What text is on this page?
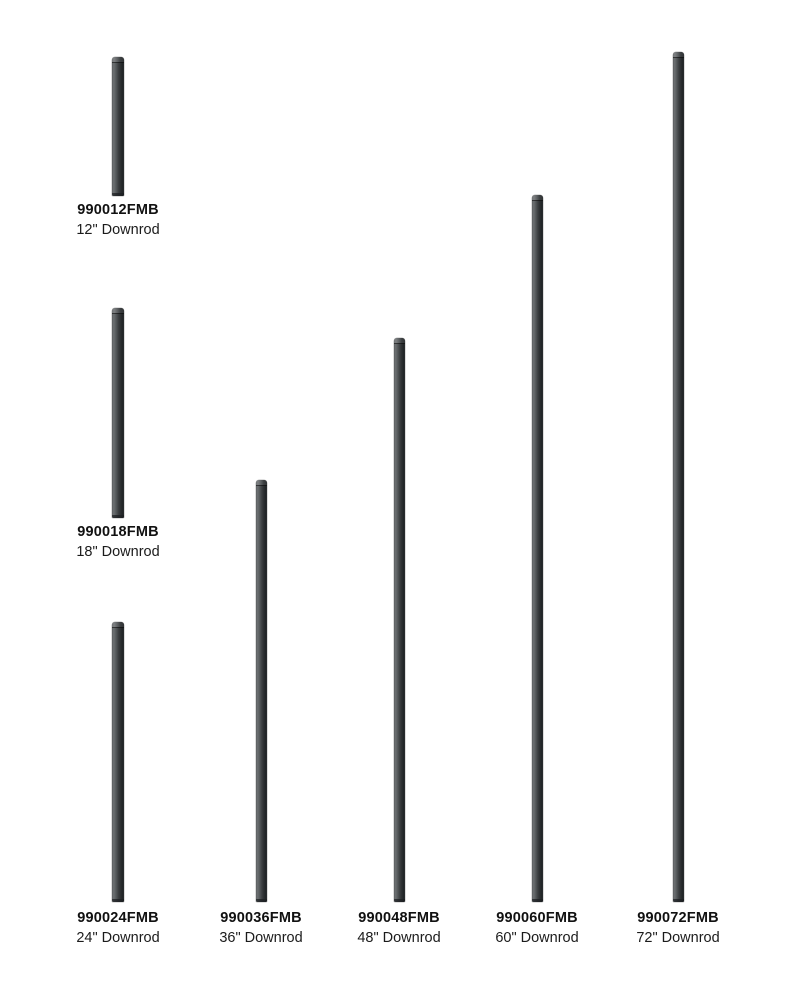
990012FMB
12" Downrod
990018FMB
18" Downrod
990024FMB
24" Downrod
990036FMB
36" Downrod
990048FMB
48" Downrod
990060FMB
60" Downrod
990072FMB
72" Downrod
